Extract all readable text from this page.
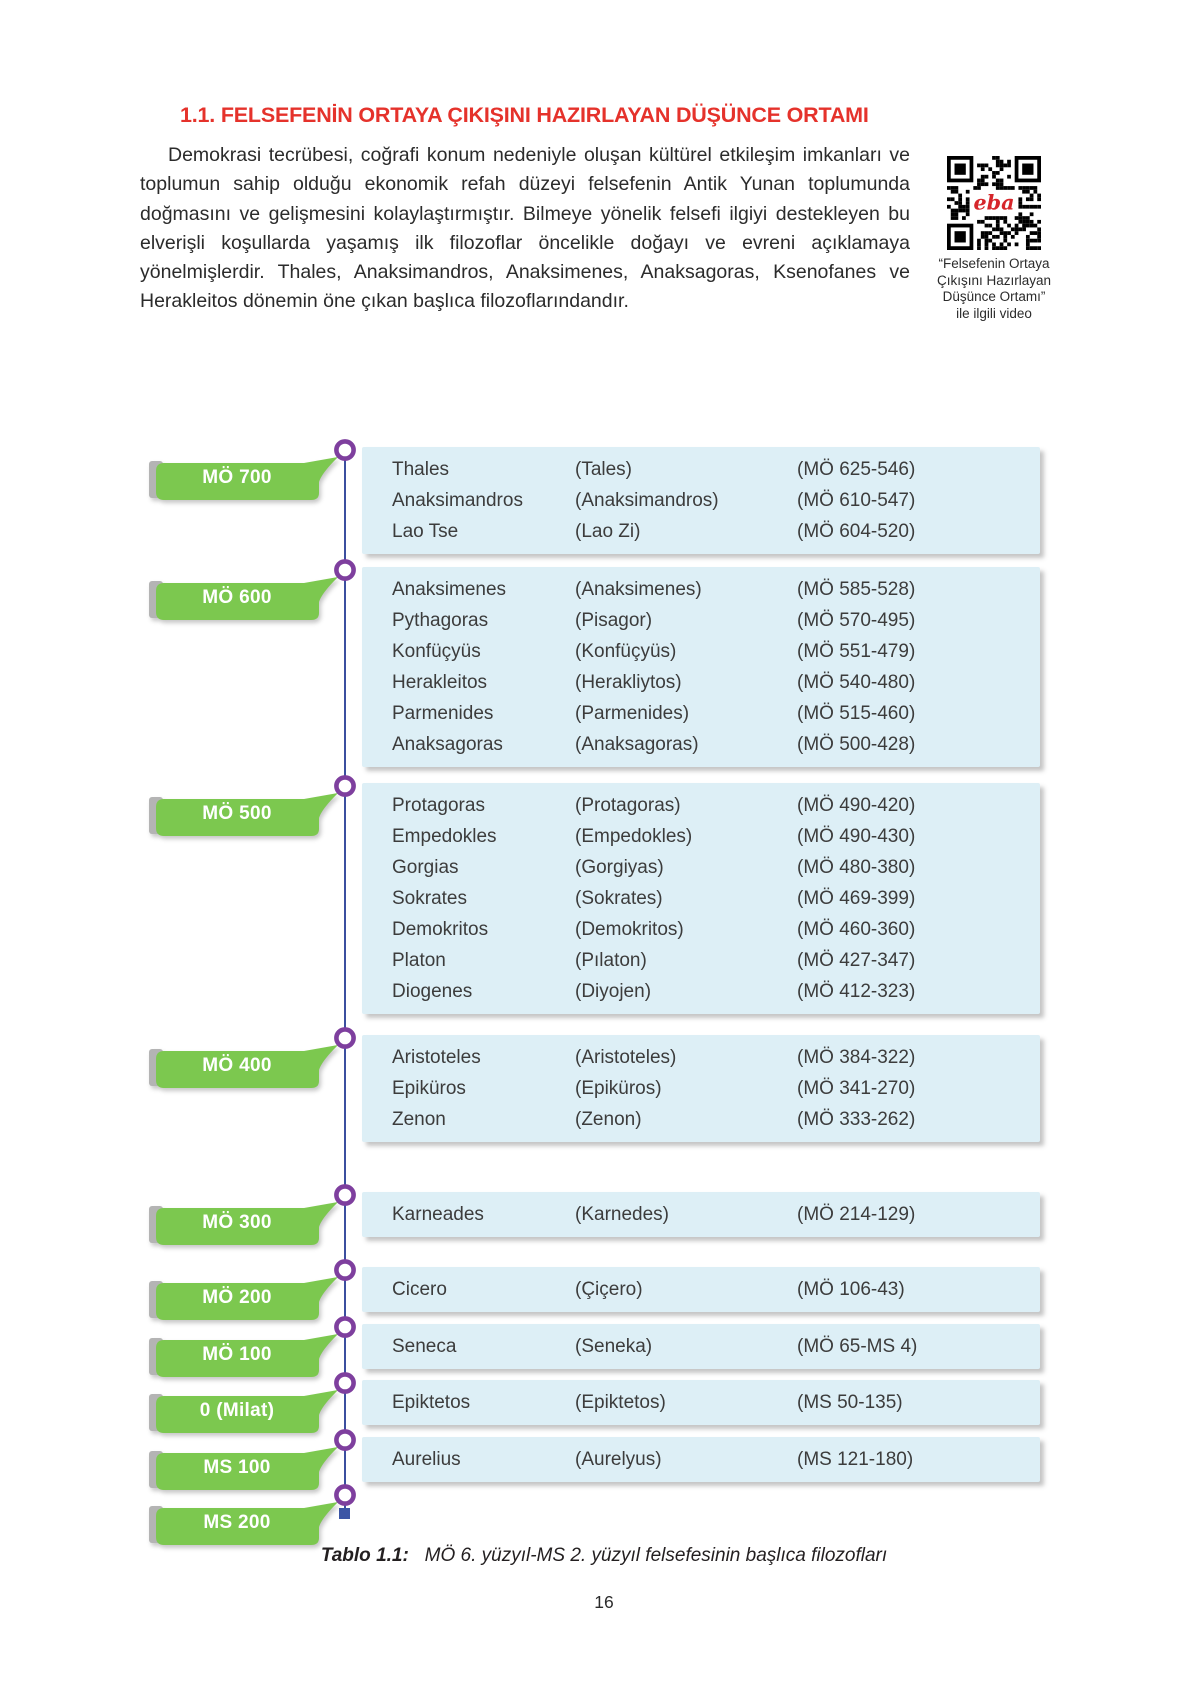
1.1. FELSEFENİN ORTAYA ÇIKIŞINI HAZIRLAYAN DÜŞÜNCE ORTAMI
Demokrasi tecrübesi, coğrafi konum nedeniyle oluşan kültürel etkileşim imkanları ve toplumun sahip olduğu ekonomik refah düzeyi felsefenin Antik Yunan toplumunda doğmasını ve gelişmesini kolaylaştırmıştır. Bilmeye yönelik felsefi ilgiyi destekleyen bu elverişli koşullarda yaşamış ilk filozoflar öncelikle doğayı ve evreni açıklamaya yönelmişlerdir. Thales, Anaksimandros, Anaksimenes, Anaksagoras, Ksenofanes ve Herakleitos dönemin öne çıkan başlıca filozoflarındandır.
eba
“Felsefenin Ortaya
Çıkışını Hazırlayan
Düşünce Ortamı”
ile ilgili video
MÖ 700	Thales	(Tales)	(MÖ 625-546)
Anaksimandros	(Anaksimandros)	(MÖ 610-547)
Lao Tse	(Lao Zi)	(MÖ 604-520)
MÖ 600	Anaksimenes	(Anaksimenes)	(MÖ 585-528)
Pythagoras	(Pisagor)	(MÖ 570-495)
Konfüçyüs	(Konfüçyüs)	(MÖ 551-479)
Herakleitos	(Herakliytos)	(MÖ 540-480)
Parmenides	(Parmenides)	(MÖ 515-460)
Anaksagoras	(Anaksagoras)	(MÖ 500-428)
MÖ 500	Protagoras	(Protagoras)	(MÖ 490-420)
Empedokles	(Empedokles)	(MÖ 490-430)
Gorgias	(Gorgiyas)	(MÖ 480-380)
Sokrates	(Sokrates)	(MÖ 469-399)
Demokritos	(Demokritos)	(MÖ 460-360)
Platon	(Pılaton)	(MÖ 427-347)
Diogenes	(Diyojen)	(MÖ 412-323)
MÖ 400	Aristoteles	(Aristoteles)	(MÖ 384-322)
Epiküros	(Epiküros)	(MÖ 341-270)
Zenon	(Zenon)	(MÖ 333-262)
MÖ 300	Karneades	(Karnedes)	(MÖ 214-129)
MÖ 200	Cicero	(Çiçero)	(MÖ 106-43)
MÖ 100	Seneca	(Seneka)	(MÖ 65-MS 4)
0 (Milat)	Epiktetos	(Epiktetos)	(MS 50-135)
MS 100	Aurelius	(Aurelyus)	(MS 121-180)
MS 200
Tablo 1.1: MÖ 6. yüzyıl-MS 2. yüzyıl felsefesinin başlıca filozofları
16
